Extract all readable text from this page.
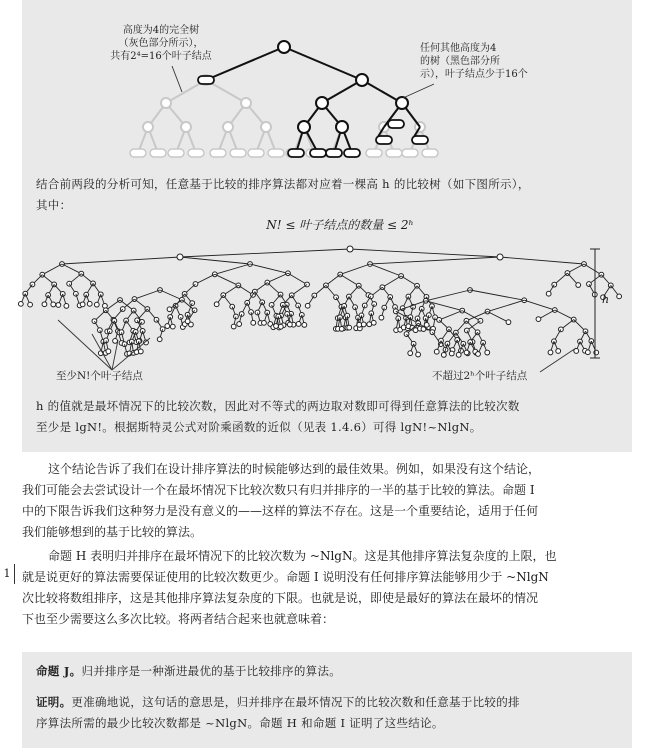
高度为4的完全树
（灰色部分所示），
共有2⁴=16个叶子结点
任何其他高度为4
的树（黑色部分所
示），叶子结点少于16个
结合前两段的分析可知，任意基于比较的排序算法都对应着一棵高 h 的比较树（如下图所示），
其中：
N! ≤ 叶子结点的数量 ≤ 2ʰ
h
至少N!个叶子结点	不超过2ʰ个叶子结点
h 的值就是最坏情况下的比较次数，因此对不等式的两边取对数即可得到任意算法的比较次数
至少是 lgN!。根据斯特灵公式对阶乘函数的近似（见表 1.4.6）可得 lgN!~NlgN。
这个结论告诉了我们在设计排序算法的时候能够达到的最佳效果。例如，如果没有这个结论，
我们可能会去尝试设计一个在最坏情况下比较次数只有归并排序的一半的基于比较的算法。命题 I
中的下限告诉我们这种努力是没有意义的——这样的算法不存在。这是一个重要结论，适用于任何
我们能够想到的基于比较的算法。
命题 H 表明归并排序在最坏情况下的比较次数为 ~NlgN。这是其他排序算法复杂度的上限，也
就是说更好的算法需要保证使用的比较次数更少。命题 I 说明没有任何排序算法能够用少于 ~NlgN
次比较将数组排序，这是其他排序算法复杂度的下限。也就是说，即使是最好的算法在最坏的情况
下也至少需要这么多次比较。将两者结合起来也就意味着：
1
命题 J。归并排序是一种渐进最优的基于比较排序的算法。
证明。更准确地说，这句话的意思是，归并排序在最坏情况下的比较次数和任意基于比较的排
序算法所需的最少比较次数都是 ~NlgN。命题 H 和命题 I 证明了这些结论。
